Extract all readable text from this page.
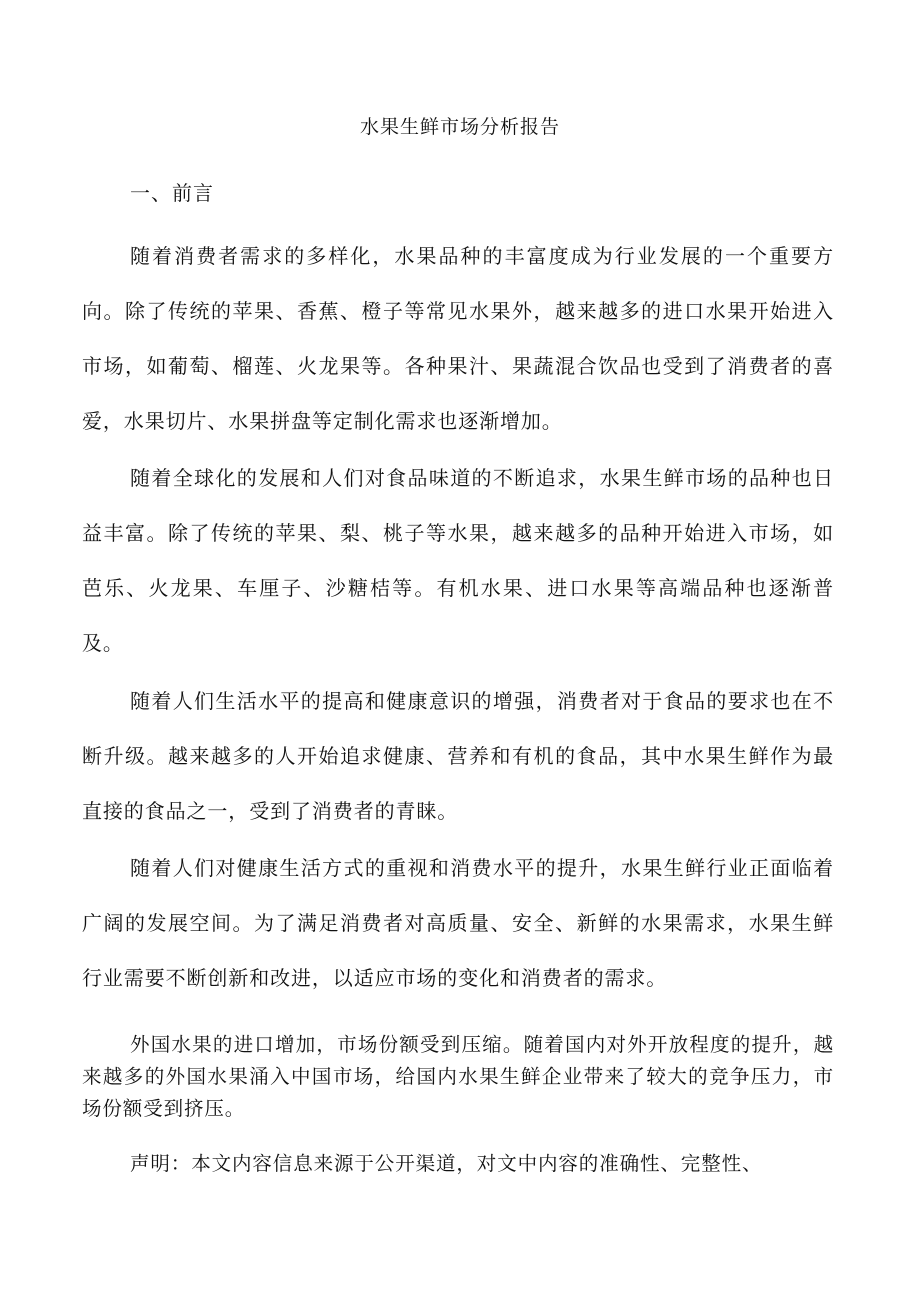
水果生鲜市场分析报告
一、前言

随着消费者需求的多样化，水果品种的丰富度成为行业发展的一个重要方向。除了传统的苹果、香蕉、橙子等常见水果外，越来越多的进口水果开始进入市场，如葡萄、榴莲、火龙果等。各种果汁、果蔬混合饮品也受到了消费者的喜爱，水果切片、水果拼盘等定制化需求也逐渐增加。

随着全球化的发展和人们对食品味道的不断追求，水果生鲜市场的品种也日益丰富。除了传统的苹果、梨、桃子等水果，越来越多的品种开始进入市场，如芭乐、火龙果、车厘子、沙糖桔等。有机水果、进口水果等高端品种也逐渐普及。

随着人们生活水平的提高和健康意识的增强，消费者对于食品的要求也在不断升级。越来越多的人开始追求健康、营养和有机的食品，其中水果生鲜作为最直接的食品之一，受到了消费者的青睐。

随着人们对健康生活方式的重视和消费水平的提升，水果生鲜行业正面临着广阔的发展空间。为了满足消费者对高质量、安全、新鲜的水果需求，水果生鲜行业需要不断创新和改进，以适应市场的变化和消费者的需求。

外国水果的进口增加，市场份额受到压缩。随着国内对外开放程度的提升，越来越多的外国水果涌入中国市场，给国内水果生鲜企业带来了较大的竞争压力，市场份额受到挤压。

声明：本文内容信息来源于公开渠道，对文中内容的准确性、完整性、
